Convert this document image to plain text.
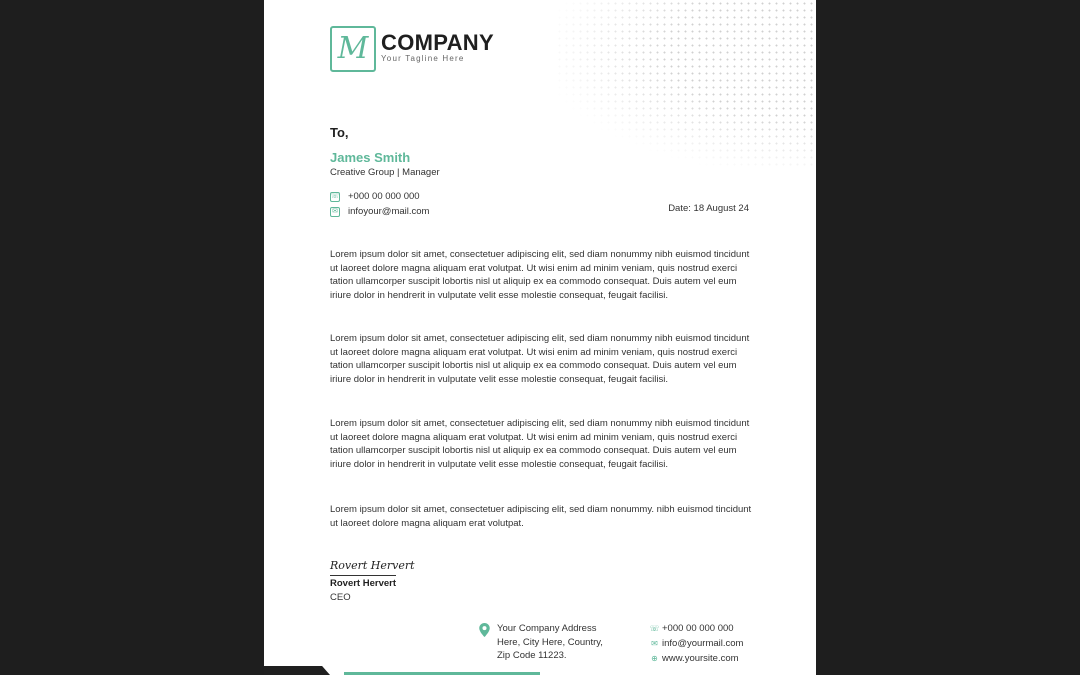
M COMPANY
Your Tagline Here
To,
James Smith
Creative Group | Manager
☏ +000 00 000 000
✉ infoyour@mail.com	Date: 18 August 24
Lorem ipsum dolor sit amet, consectetuer adipiscing elit, sed diam nonummy nibh euismod tincidunt ut laoreet dolore magna aliquam erat volutpat. Ut wisi enim ad minim veniam, quis nostrud exerci tation ullamcorper suscipit lobortis nisl ut aliquip ex ea commodo consequat. Duis autem vel eum iriure dolor in hendrerit in vulputate velit esse molestie consequat, feugait facilisi.
Lorem ipsum dolor sit amet, consectetuer adipiscing elit, sed diam nonummy nibh euismod tincidunt ut laoreet dolore magna aliquam erat volutpat. Ut wisi enim ad minim veniam, quis nostrud exerci tation ullamcorper suscipit lobortis nisl ut aliquip ex ea commodo consequat. Duis autem vel eum iriure dolor in hendrerit in vulputate velit esse molestie consequat, feugait facilisi.
Lorem ipsum dolor sit amet, consectetuer adipiscing elit, sed diam nonummy nibh euismod tincidunt ut laoreet dolore magna aliquam erat volutpat. Ut wisi enim ad minim veniam, quis nostrud exerci tation ullamcorper suscipit lobortis nisl ut aliquip ex ea commodo consequat. Duis autem vel eum iriure dolor in hendrerit in vulputate velit esse molestie consequat, feugait facilisi.
Lorem ipsum dolor sit amet, consectetuer adipiscing elit, sed diam nonummy. nibh euismod tincidunt ut laoreet dolore magna aliquam erat volutpat.
Rovert Hervert
Rovert Hervert
CEO
Your Company Address
Here, City Here, Country,
Zip Code 11223.
☏ +000 00 000 000
✉ info@yourmail.com
⊕ www.yoursite.com
